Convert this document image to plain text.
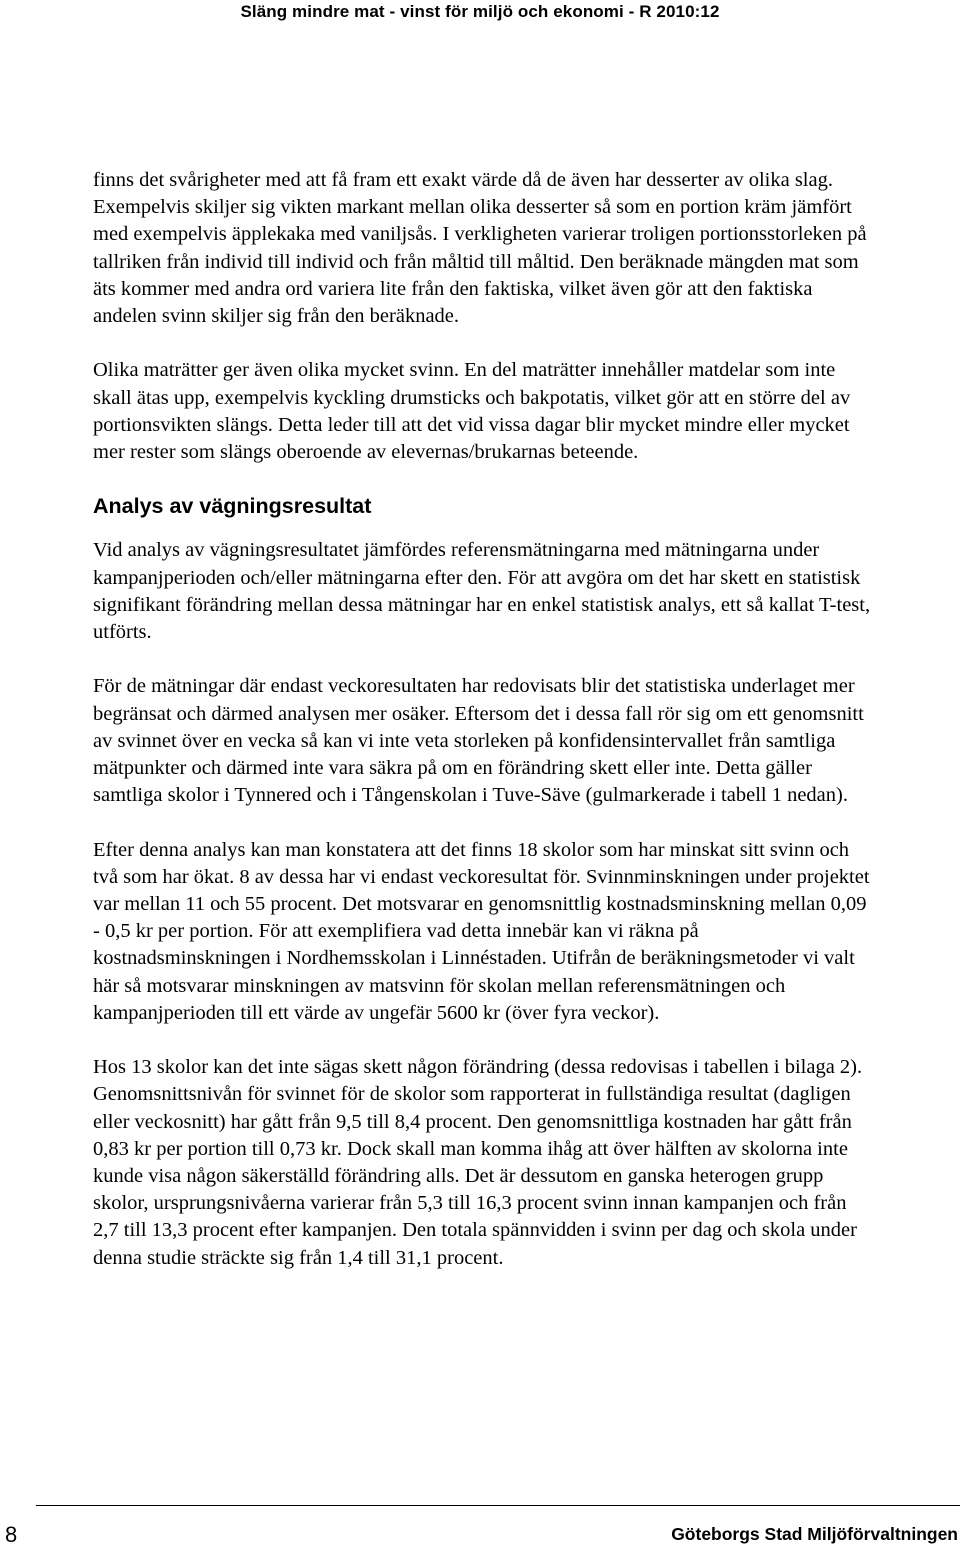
Släng mindre mat - vinst för miljö och ekonomi - R 2010:12

finns det svårigheter med att få fram ett exakt värde då de även har desserter av olika slag. Exempelvis skiljer sig vikten markant mellan olika desserter så som en portion kräm jämfört med exempelvis äpplekaka med vaniljsås. I verkligheten varierar troligen portionsstorleken på tallriken från individ till individ och från måltid till måltid. Den beräknade mängden mat som äts kommer med andra ord variera lite från den faktiska, vilket även gör att den faktiska andelen svinn skiljer sig från den beräknade.

Olika maträtter ger även olika mycket svinn. En del maträtter innehåller matdelar som inte skall ätas upp, exempelvis kyckling drumsticks och bakpotatis, vilket gör att en större del av portionsvikten slängs. Detta leder till att det vid vissa dagar blir mycket mindre eller mycket mer rester som slängs oberoende av elevernas/brukarnas beteende.

Analys av vägningsresultat

Vid analys av vägningsresultatet jämfördes referensmätningarna med mätningarna under kampanjperioden och/eller mätningarna efter den. För att avgöra om det har skett en statistisk signifikant förändring mellan dessa mätningar har en enkel statistisk analys, ett så kallat T-test, utförts.

För de mätningar där endast veckoresultaten har redovisats blir det statistiska underlaget mer begränsat och därmed analysen mer osäker. Eftersom det i dessa fall rör sig om ett genomsnitt av svinnet över en vecka så kan vi inte veta storleken på konfidensintervallet från samtliga mätpunkter och därmed inte vara säkra på om en förändring skett eller inte. Detta gäller samtliga skolor i Tynnered och i Tångenskolan i Tuve-Säve (gulmarkerade i tabell 1 nedan).

Efter denna analys kan man konstatera att det finns 18 skolor som har minskat sitt svinn och två som har ökat. 8 av dessa har vi endast veckoresultat för. Svinnminskningen under projektet var mellan 11 och 55 procent. Det motsvarar en genomsnittlig kostnadsminskning mellan 0,09 - 0,5 kr per portion. För att exemplifiera vad detta innebär kan vi räkna på kostnadsminskningen i Nordhemsskolan i Linnéstaden. Utifrån de beräkningsmetoder vi valt här så motsvarar minskningen av matsvinn för skolan mellan referensmätningen och kampanjperioden till ett värde av ungefär 5600 kr (över fyra veckor).

Hos 13 skolor kan det inte sägas skett någon förändring (dessa redovisas i tabellen i bilaga 2). Genomsnittsnivån för svinnet för de skolor som rapporterat in fullständiga resultat (dagligen eller veckosnitt) har gått från 9,5 till 8,4 procent. Den genomsnittliga kostnaden har gått från 0,83 kr per portion till 0,73 kr. Dock skall man komma ihåg att över hälften av skolorna inte kunde visa någon säkerställd förändring alls. Det är dessutom en ganska heterogen grupp skolor, ursprungsnivåerna varierar från 5,3 till 16,3 procent svinn innan kampanjen och från 2,7 till 13,3 procent efter kampanjen. Den totala spännvidden i svinn per dag och skola under denna studie sträckte sig från 1,4 till 31,1 procent.

8	Göteborgs Stad Miljöförvaltningen
